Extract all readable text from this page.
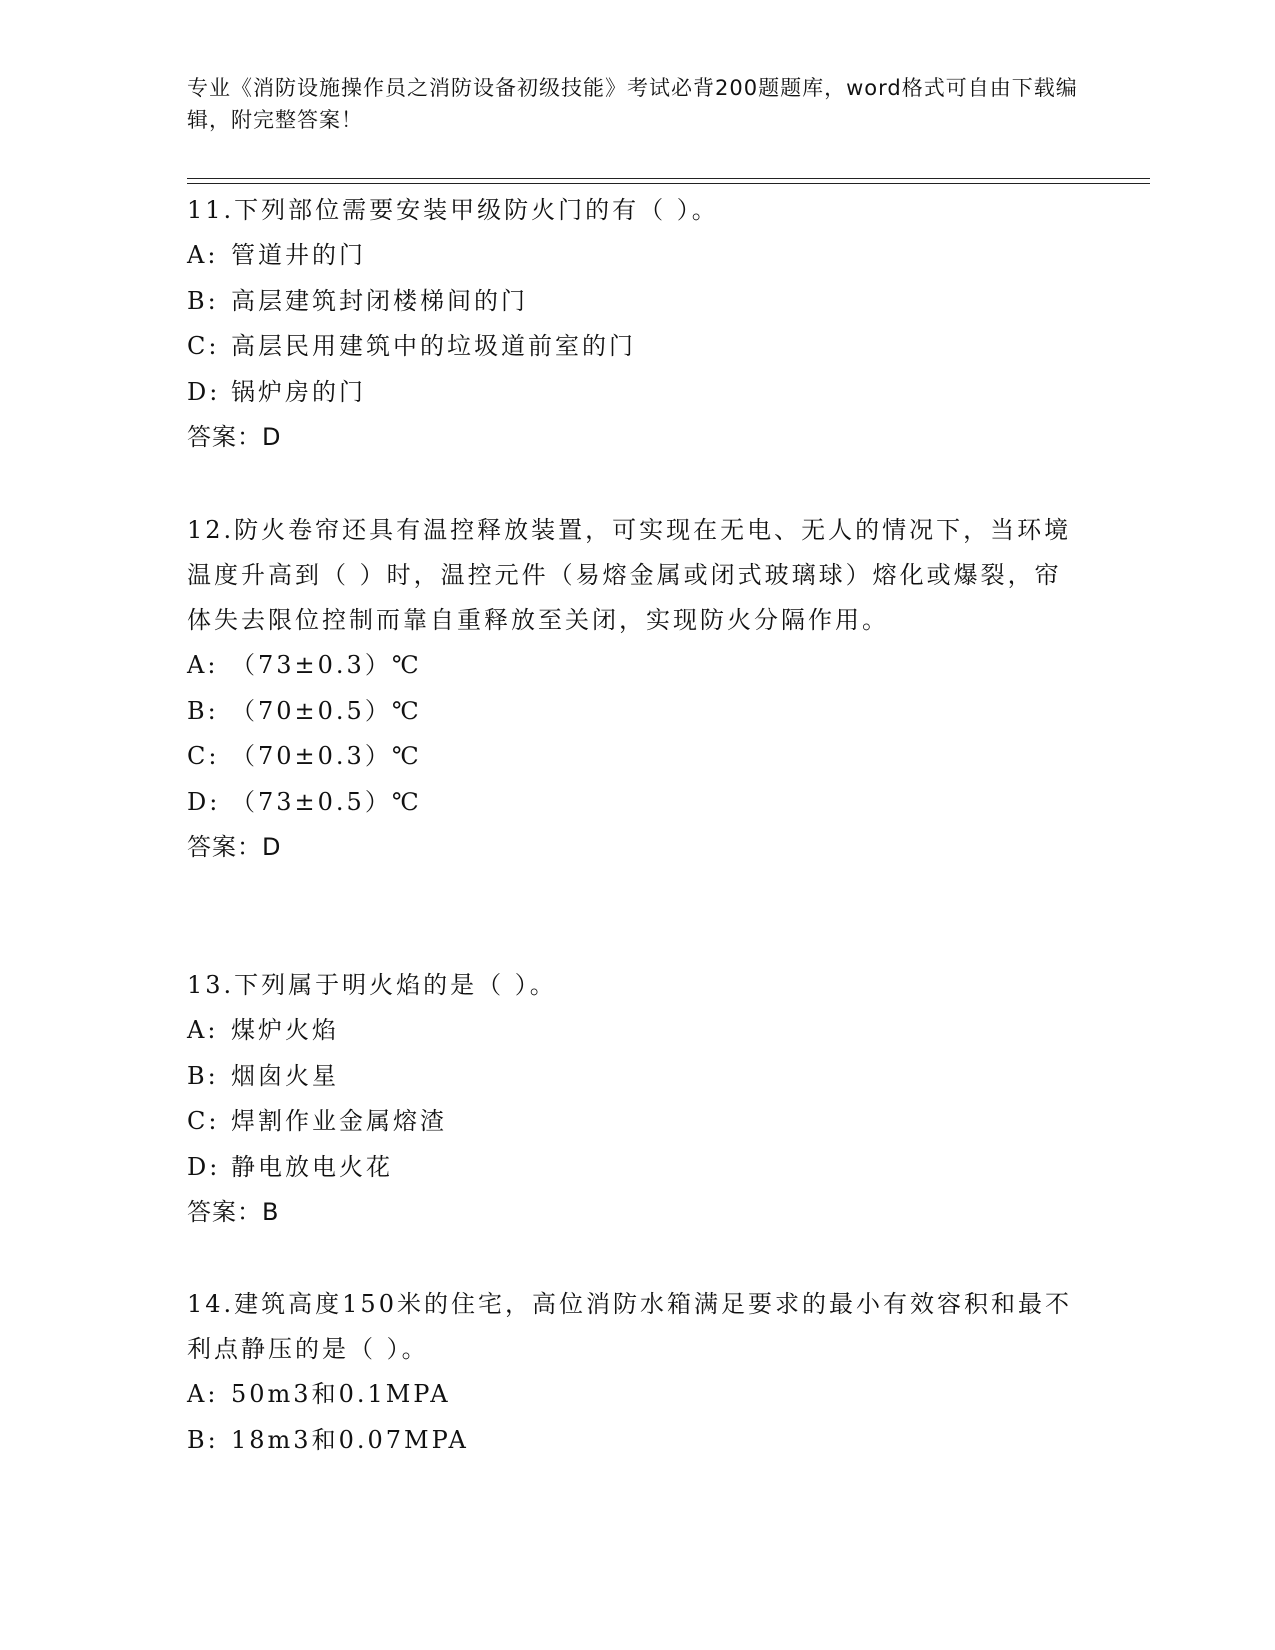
专业《消防设施操作员之消防设备初级技能》考试必背200题题库，word格式可自由下载编辑，附完整答案！
11.下列部位需要安装甲级防火门的有（ ）。
A: 管道井的门
B: 高层建筑封闭楼梯间的门
C: 高层民用建筑中的垃圾道前室的门
D: 锅炉房的门
答案：D
12.防火卷帘还具有温控释放装置，可实现在无电、无人的情况下，当环境温度升高到（ ）时，温控元件（易熔金属或闭式玻璃球）熔化或爆裂，帘体失去限位控制而靠自重释放至关闭，实现防火分隔作用。
A: （73±0.3）℃
B: （70±0.5）℃
C: （70±0.3）℃
D: （73±0.5）℃
答案：D
13.下列属于明火焰的是（ ）。
A: 煤炉火焰
B: 烟囱火星
C: 焊割作业金属熔渣
D: 静电放电火花
答案：B
14.建筑高度150米的住宅，高位消防水箱满足要求的最小有效容积和最不利点静压的是（ ）。
A: 50m3和0.1MPA
B: 18m3和0.07MPA
